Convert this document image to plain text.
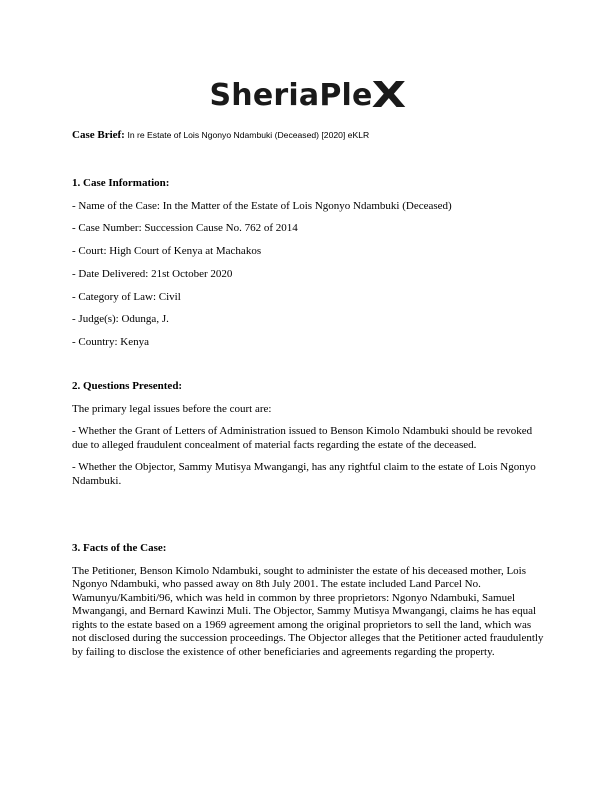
SheriaPleX
Case Brief: In re Estate of Lois Ngonyo Ndambuki (Deceased) [2020] eKLR
1. Case Information:
- Name of the Case: In the Matter of the Estate of Lois Ngonyo Ndambuki (Deceased)
- Case Number: Succession Cause No. 762 of 2014
- Court: High Court of Kenya at Machakos
- Date Delivered: 21st October 2020
- Category of Law: Civil
- Judge(s): Odunga, J.
- Country: Kenya
2. Questions Presented:
The primary legal issues before the court are:
- Whether the Grant of Letters of Administration issued to Benson Kimolo Ndambuki should be revoked due to alleged fraudulent concealment of material facts regarding the estate of the deceased.
- Whether the Objector, Sammy Mutisya Mwangangi, has any rightful claim to the estate of Lois Ngonyo Ndambuki.
3. Facts of the Case:
The Petitioner, Benson Kimolo Ndambuki, sought to administer the estate of his deceased mother, Lois Ngonyo Ndambuki, who passed away on 8th July 2001. The estate included Land Parcel No. Wamunyu/Kambiti/96, which was held in common by three proprietors: Ngonyo Ndambuki, Samuel Mwangangi, and Bernard Kawinzi Muli. The Objector, Sammy Mutisya Mwangangi, claims he has equal rights to the estate based on a 1969 agreement among the original proprietors to sell the land, which was not disclosed during the succession proceedings. The Objector alleges that the Petitioner acted fraudulently by failing to disclose the existence of other beneficiaries and agreements regarding the property.
